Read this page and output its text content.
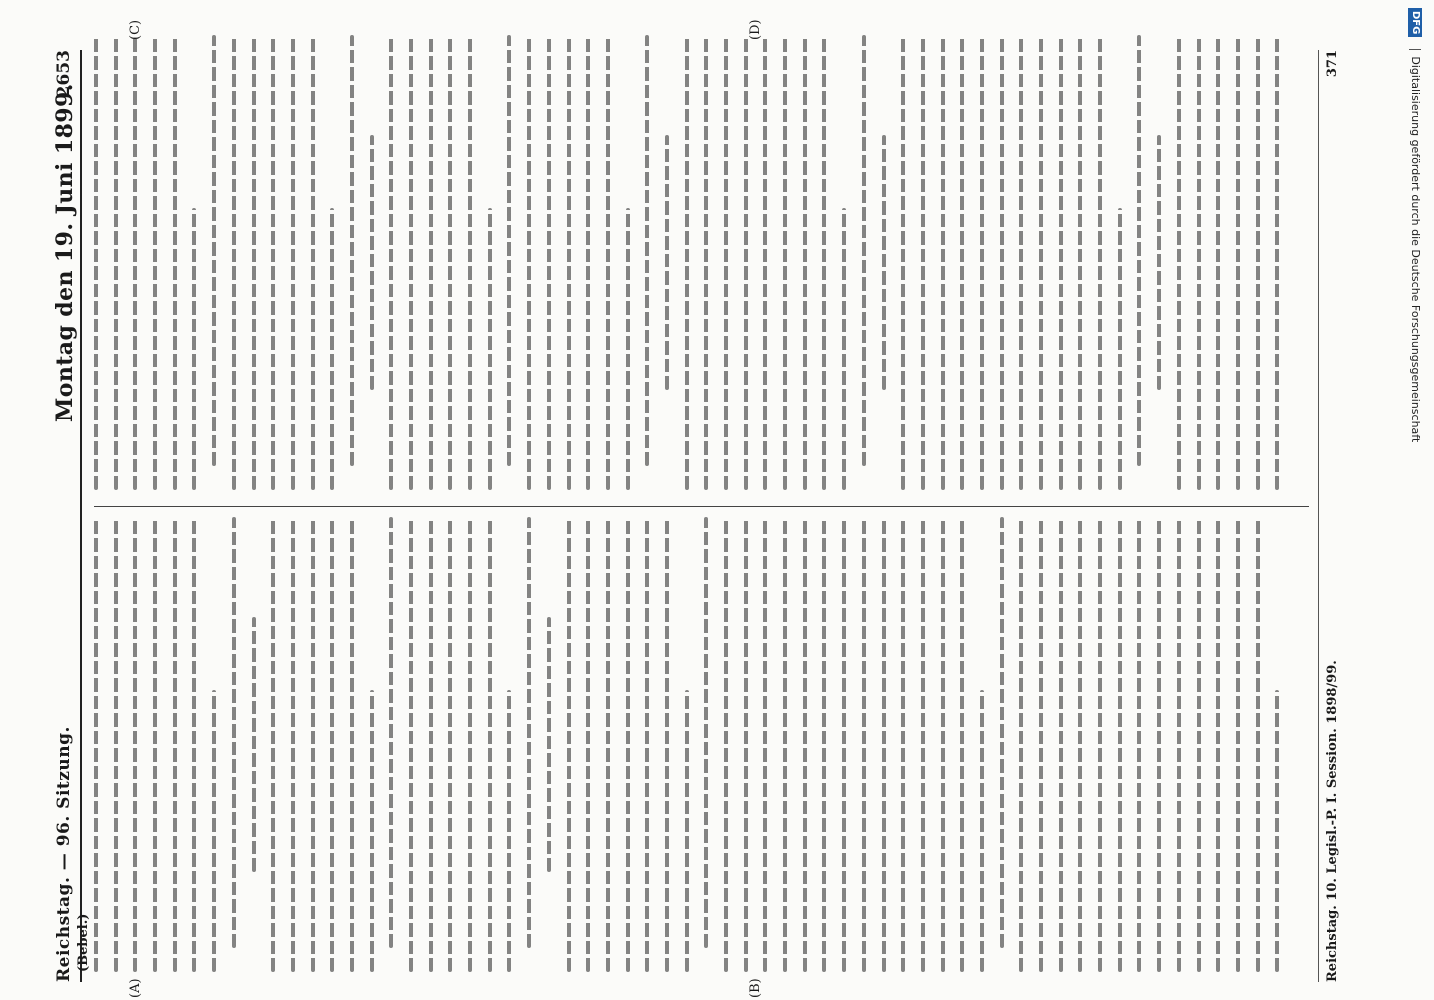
Reichstag. — 96. Sitzung.
Montag den 19. Juni 1899.
2653
(Bebel.)
(A)	(B)
(C)	(D)
Reichstag. 10. Legisl.-P. I. Session. 1898/99.
371
DFGDigitalisierung gefördert durch die Deutsche Forschungsgemeinschaft
